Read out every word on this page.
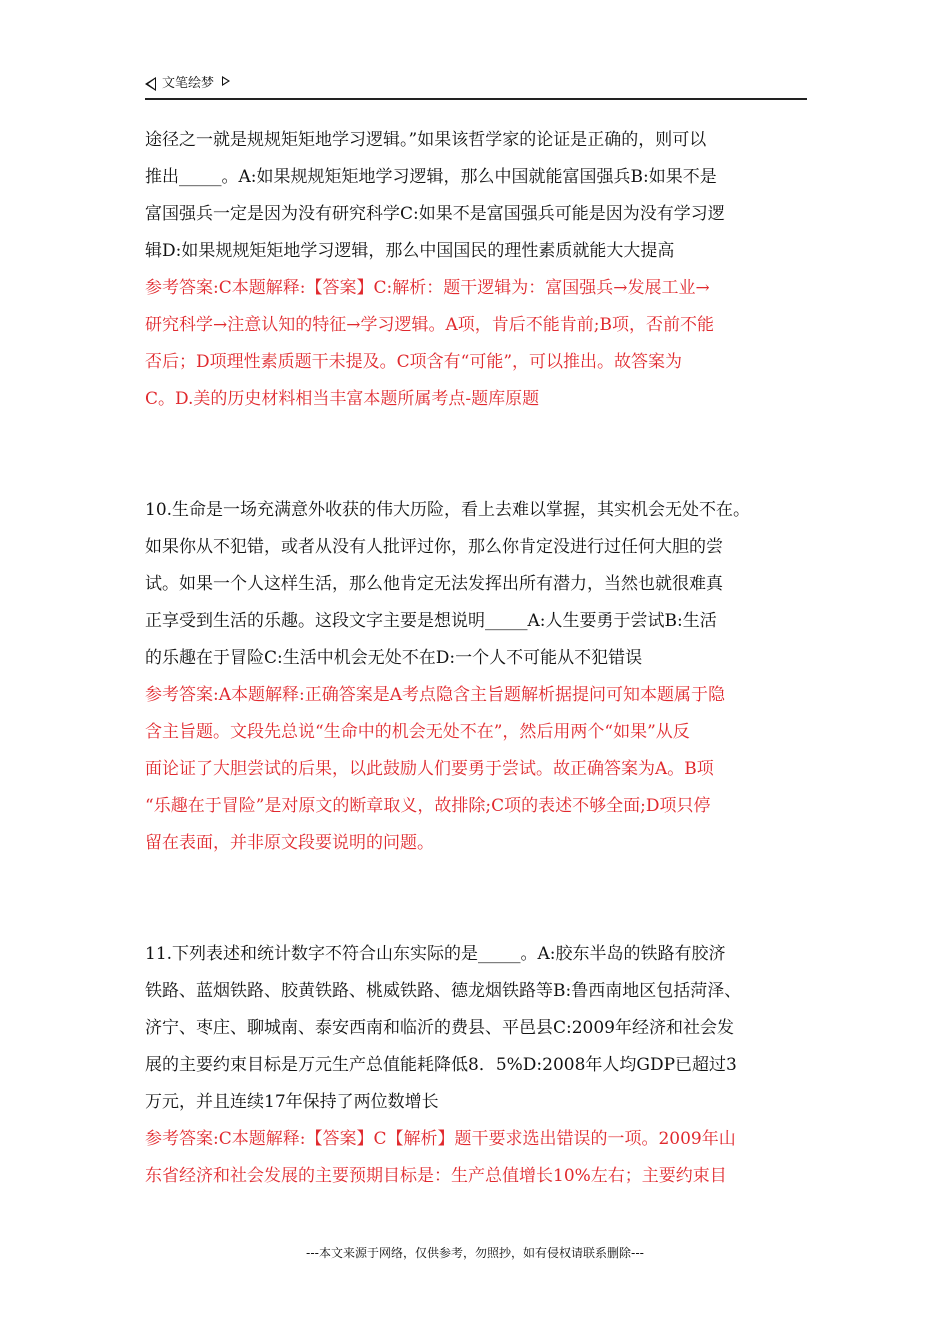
文笔绘梦
途径之一就是规规矩矩地学习逻辑。”如果该哲学家的论证是正确的，则可以
推出_____。A:如果规规矩矩地学习逻辑，那么中国就能富国强兵B:如果不是
富国强兵一定是因为没有研究科学C:如果不是富国强兵可能是因为没有学习逻
辑D:如果规规矩矩地学习逻辑，那么中国国民的理性素质就能大大提高
参考答案:C本题解释:【答案】C:解析：题干逻辑为：富国强兵→发展工业→
研究科学→注意认知的特征→学习逻辑。A项，肯后不能肯前;B项，否前不能
否后；D项理性素质题干未提及。C项含有“可能”，可以推出。故答案为
C。D.美的历史材料相当丰富本题所属考点-题库原题
10.生命是一场充满意外收获的伟大历险，看上去难以掌握，其实机会无处不在。
如果你从不犯错，或者从没有人批评过你，那么你肯定没进行过任何大胆的尝
试。如果一个人这样生活，那么他肯定无法发挥出所有潜力，当然也就很难真
正享受到生活的乐趣。这段文字主要是想说明_____A:人生要勇于尝试B:生活
的乐趣在于冒险C:生活中机会无处不在D:一个人不可能从不犯错误
参考答案:A本题解释:正确答案是A考点隐含主旨题解析据提问可知本题属于隐
含主旨题。文段先总说“生命中的机会无处不在”，然后用两个“如果”从反
面论证了大胆尝试的后果，以此鼓励人们要勇于尝试。故正确答案为A。B项
“乐趣在于冒险”是对原文的断章取义，故排除;C项的表述不够全面;D项只停
留在表面，并非原文段要说明的问题。
11.下列表述和统计数字不符合山东实际的是_____。A:胶东半岛的铁路有胶济
铁路、蓝烟铁路、胶黄铁路、桃威铁路、德龙烟铁路等B:鲁西南地区包括菏泽、
济宁、枣庄、聊城南、泰安西南和临沂的费县、平邑县C:2009年经济和社会发
展的主要约束目标是万元生产总值能耗降低8．5%D:2008年人均GDP已超过3
万元，并且连续17年保持了两位数增长
参考答案:C本题解释:【答案】C【解析】题干要求选出错误的一项。2009年山
东省经济和社会发展的主要预期目标是：生产总值增长10%左右；主要约束目
---本文来源于网络，仅供参考，勿照抄，如有侵权请联系删除---
